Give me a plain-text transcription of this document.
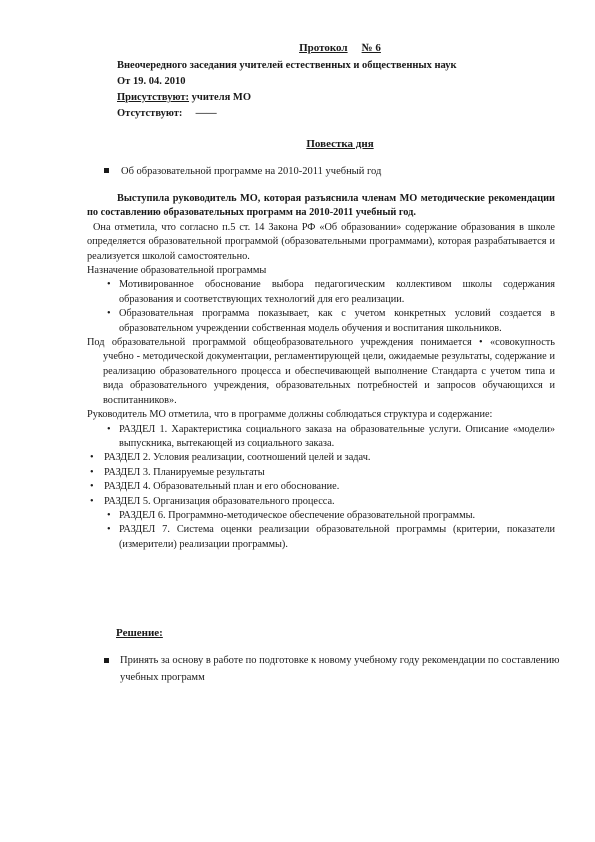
Протокол № 6
Внеочередного заседания учителей естественных и общественных наук
От 19. 04. 2010
Присутствуют: учителя МО
Отсутствуют: ——
Повестка дня
Об образовательной программе на 2010-2011 учебный год

Выступила руководитель МО, которая разъяснила членам МО методические рекомендации по составлению образовательных программ на 2010-2011 учебный год.

Она отметила, что согласно п.5 ст. 14 Закона РФ «Об образовании» содержание образования в школе определяется образовательной программой (образовательными программами), которая разрабатывается и реализуется школой самостоятельно.

Назначение образовательной программы

• Мотивированное обоснование выбора педагогическим коллективом школы содержания образования и соответствующих технологий для его реализации.
• Образовательная программа показывает, как с учетом конкретных условий создается в образовательном учреждении собственная модель обучения и воспитания школьников.

Под образовательной программой общеобразовательного учреждения понимается • «совокупность учебно - методической документации, регламентирующей цели, ожидаемые результаты, содержание и реализацию образовательного процесса и обеспечивающей выполнение Стандарта с учетом типа и вида образовательного учреждения, образовательных потребностей и запросов обучающихся и воспитанников».

Руководитель МО отметила, что в программе должны соблюдаться структура и содержание:

• РАЗДЕЛ 1. Характеристика социального заказа на образовательные услуги. Описание «модели» выпускника, вытекающей из социального заказа.
• РАЗДЕЛ 2. Условия реализации, соотношений целей и задач.
• РАЗДЕЛ 3. Планируемые результаты
• РАЗДЕЛ 4. Образовательный план и его обоснование.
• РАЗДЕЛ 5. Организация образовательного процесса.
• РАЗДЕЛ 6. Программно-методическое обеспечение образовательной программы.
• РАЗДЕЛ 7. Система оценки реализации образовательной программы (критерии, показатели (измерители) реализации программы).
Решение:
Принять за основу в работе по подготовке к новому учебному году рекомендации по составлению учебных программ
